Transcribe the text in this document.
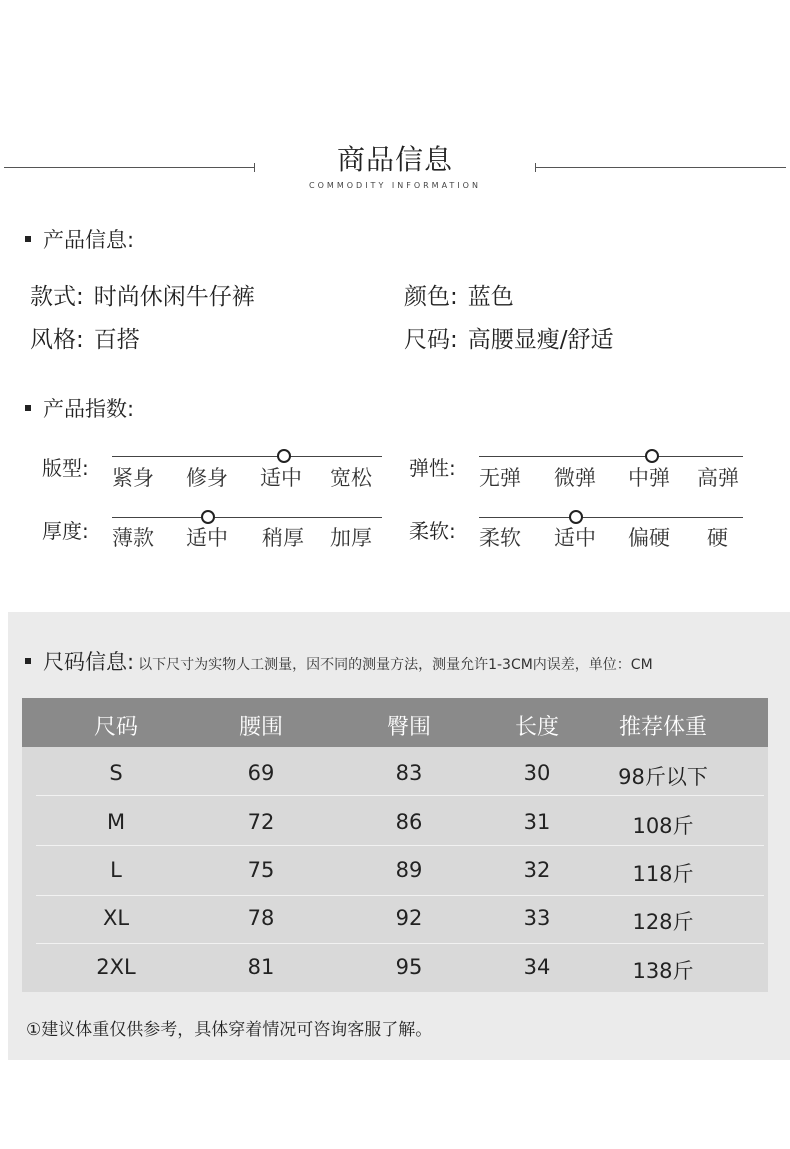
商品信息
COMMODITY INFORMATION
产品信息:
款式: 时尚休闲牛仔裤	颜色: 蓝色
风格: 百搭	尺码: 高腰显瘦/舒适
产品指数:
版型: 紧身 修身 适中 宽松 弹性: 无弹 微弹 中弹 高弹
厚度: 薄款 适中 稍厚 加厚 柔软: 柔软 适中 偏硬 硬
尺码信息: 以下尺寸为实物人工测量，因不同的测量方法，测量允许1-3CM内误差，单位：CM
尺码	腰围	臀围	长度	推荐体重
S	69	83	30	98斤以下
M	72	86	31	108斤
L	75	89	32	118斤
XL	78	92	33	128斤
2XL	81	95	34	138斤
①建议体重仅供参考，具体穿着情况可咨询客服了解。
